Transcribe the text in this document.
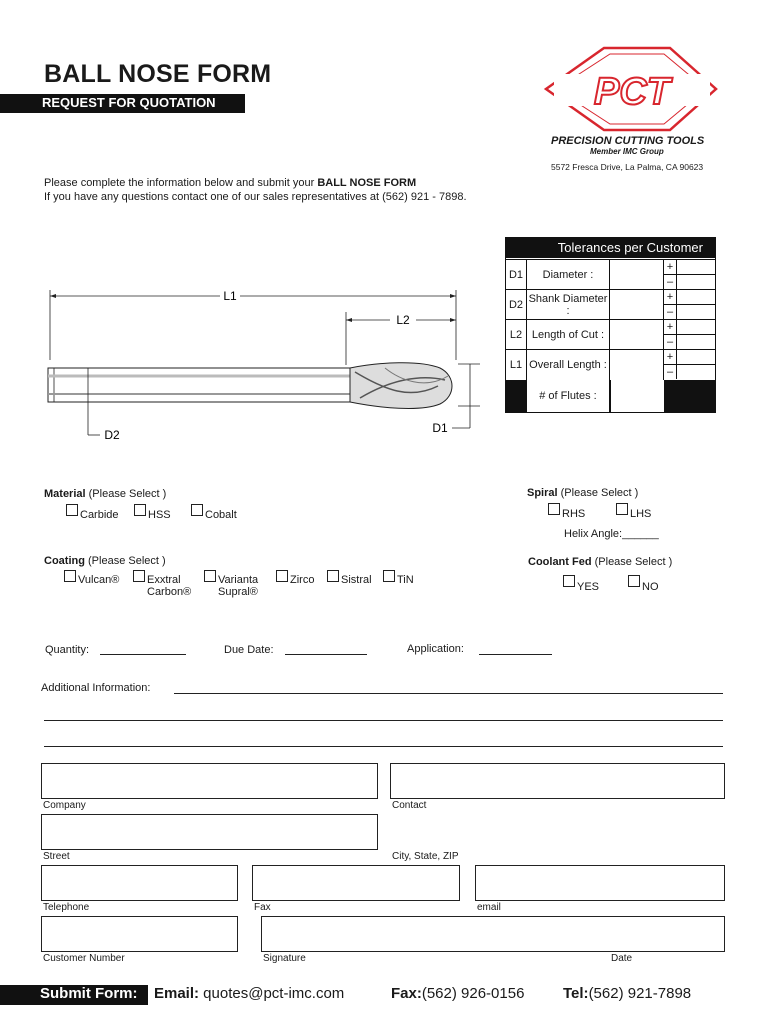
BALL NOSE FORM
REQUEST FOR QUOTATION	PCT
PRECISION CUTTING TOOLS
Member IMC Group
5572 Fresca Drive, La Palma, CA 90623
Please complete the information below and submit your BALL NOSE FORM
If you have any questions contact one of our sales representatives at (562) 921 - 7898.
L1
L2
D1
D2
Tolerances per Customer
D1	Diameter :
+
–
D2 Shank Diameter :
+
–
L2 Length of Cut :
+
–
L1 Overall Length :
+
–
# of Flutes :
Material (Please Select )
Carbide	HSS	Cobalt
Spiral (Please Select )
RHS	LHS
Helix Angle:______
Coating (Please Select )
Vulcan®	Exxtral Carbon®
Varianta Supral®
Zirco	Sistral	TiN
Coolant Fed (Please Select )
YES	NO
Quantity:	Due Date:	Application:
Additional Information:
Company	Contact
Street	City, State, ZIP
Telephone	Fax	email
Customer Number	Signature	Date
Submit Form: Email: quotes@pct-imc.com	Fax:(562) 926-0156	Tel:(562) 921-7898
